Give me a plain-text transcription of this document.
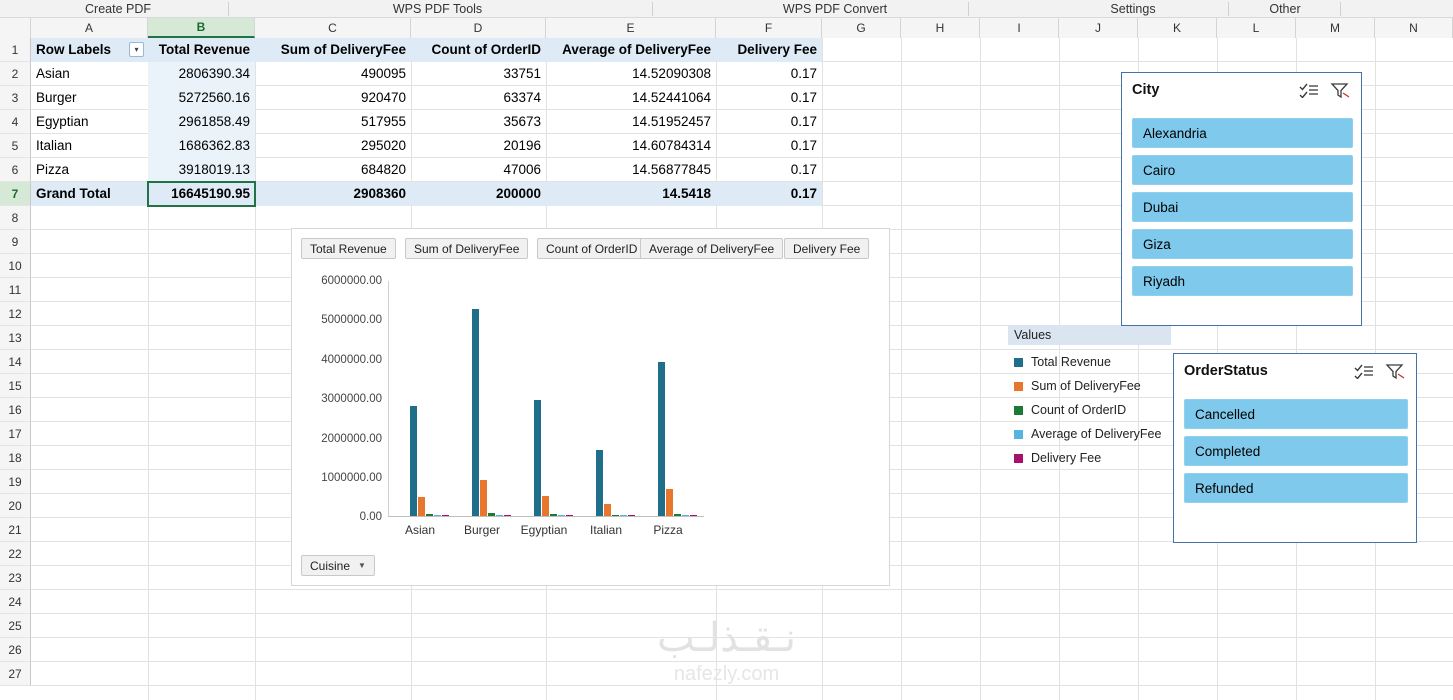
Create PDF	WPS PDF Tools	WPS PDF Convert	Settings	Other
A	B	C	D	E	F	G	H	I	J	K	L	M	N
1
2
3
4
5
6
7
8
9
10
11
12
13
14
15
16
17
18
19
20
21
22
23
24
25
26
27
Row Labels	▾	Total Revenue	Sum of DeliveryFee	Count of OrderID	Average of DeliveryFee	Delivery Fee
Asian	2806390.34	490095	33751	14.52090308	0.17
Burger	5272560.16	920470	63374	14.52441064	0.17
Egyptian	2961858.49	517955	35673	14.51952457	0.17
Italian	1686362.83	295020	20196	14.60784314	0.17
Pizza	3918019.13	684820	47006	14.56877845	0.17
Grand Total	16645190.95	2908360	200000	14.5418	0.17
Total Revenue	Sum of DeliveryFee	Count of OrderID Average of DeliveryFee	Delivery Fee
0.00
1000000.00
2000000.00
3000000.00
4000000.00
5000000.00
6000000.00
Asian Burger Egyptian Italian	Pizza
Values
Total Revenue
Sum of DeliveryFee
Count of OrderID
Average of DeliveryFee
Delivery Fee
Cuisine ▼
City
Alexandria
Cairo
Dubai
Giza
Riyadh
OrderStatus
Cancelled
Completed
Refunded
نـقـذلـب
nafezly.com
